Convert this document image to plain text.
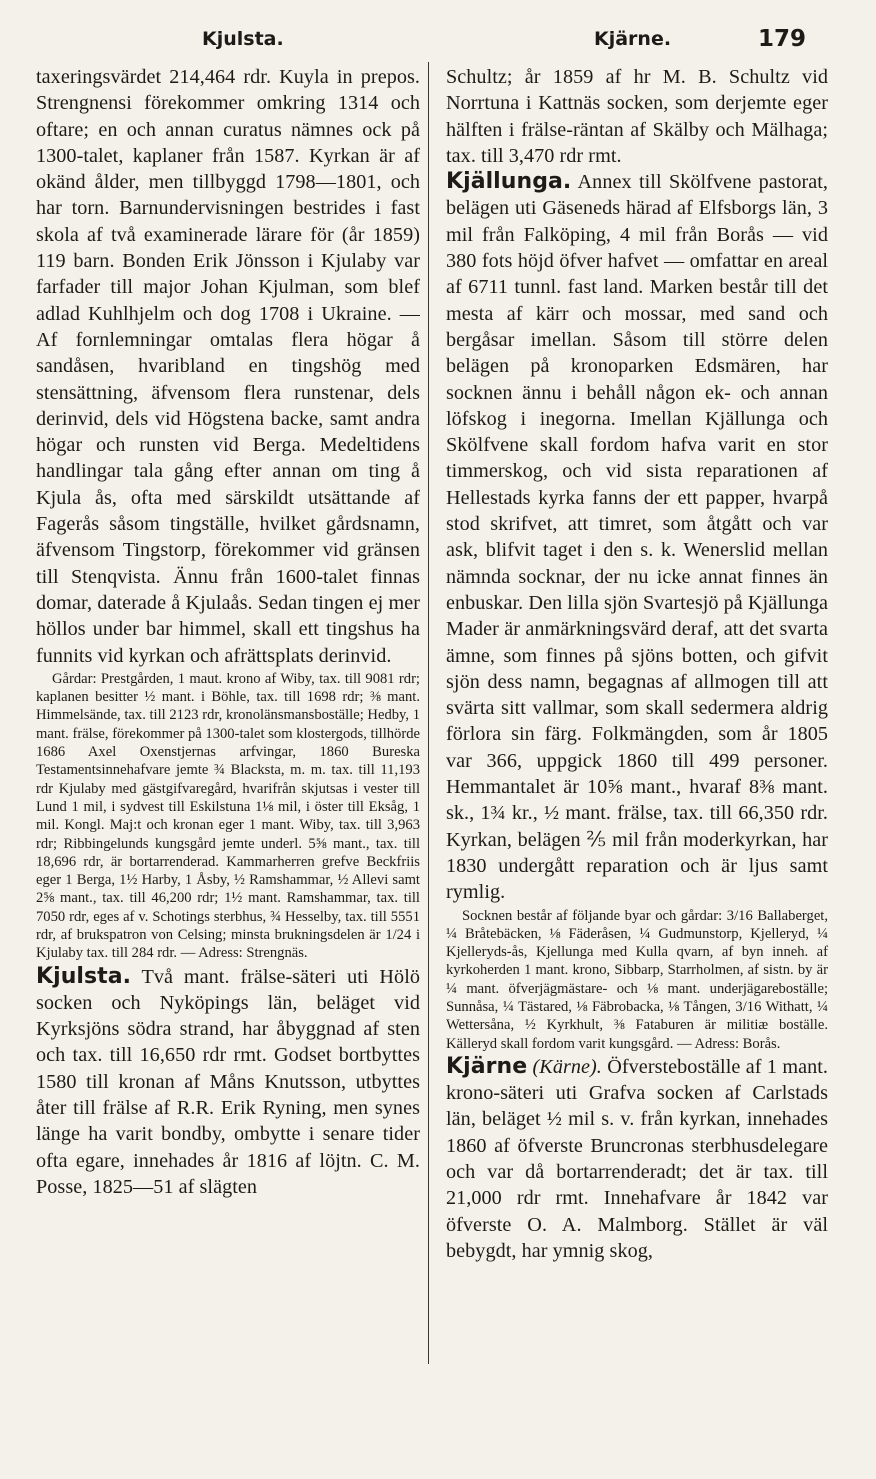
Kjulsta.	Kjärne.	179

taxeringsvärdet 214,464 rdr. Kuyla in prepos. Strengnensi förekommer omkring 1314 och oftare; en och annan curatus nämnes ock på 1300-talet, kaplaner från 1587. Kyrkan är af okänd ålder, men tillbyggd 1798—1801, och har torn. Barnundervisningen bestrides i fast skola af två examinerade lärare för (år 1859) 119 barn. Bonden Erik Jönsson i Kjulaby var farfader till major Johan Kjulman, som blef adlad Kuhlhjelm och dog 1708 i Ukraine. — Af fornlemningar omtalas flera högar å sandåsen, hvaribland en tingshög med stensättning, äfvensom flera runstenar, dels derinvid, dels vid Högstena backe, samt andra högar och runsten vid Berga. Medeltidens handlingar tala gång efter annan om ting å Kjula ås, ofta med särskildt utsättande af Fagerås såsom tingställe, hvilket gårdsnamn, äfvensom Tingstorp, förekommer vid gränsen till Stenqvista. Ännu från 1600-talet finnas domar, daterade å Kjulaås. Sedan tingen ej mer höllos under bar himmel, skall ett tingshus ha funnits vid kyrkan och afrättsplats derinvid.

Gårdar: Prestgården, 1 maut. krono af Wiby, tax. till 9081 rdr; kaplanen besitter ½ mant. i Böhle, tax. till 1698 rdr; ⅜ mant. Himmelsände, tax. till 2123 rdr, kronolänsmansboställe; Hedby, 1 mant. frälse, förekommer på 1300-talet som klostergods, tillhörde 1686 Axel Oxenstjernas arfvingar, 1860 Bureska Testamentsinnehafvare jemte ¾ Blacksta, m. m. tax. till 11,193 rdr Kjulaby med gästgifvaregård, hvarifrån skjutsas i vester till Lund 1 mil, i sydvest till Eskilstuna 1⅛ mil, i öster till Eksåg, 1 mil. Kongl. Maj:t och kronan eger 1 mant. Wiby, tax. till 3,963 rdr; Ribbingelunds kungsgård jemte underl. 5⅝ mant., tax. till 18,696 rdr, är bortarrenderad. Kammarherren grefve Beckfriis eger 1 Berga, 1½ Harby, 1 Åsby, ½ Ramshammar, ½ Allevi samt 2⅝ mant., tax. till 46,200 rdr; 1½ mant. Ramshammar, tax. till 7050 rdr, eges af v. Schotings sterbhus, ¾ Hesselby, tax. till 5551 rdr, af brukspatron von Celsing; minsta brukningsdelen är 1/24 i Kjulaby tax. till 284 rdr. — Adress: Strengnäs.

Kjulsta. Två mant. frälse-säteri uti Hölö socken och Nyköpings län, beläget vid Kyrksjöns södra strand, har åbyggnad af sten och tax. till 16,650 rdr rmt. Godset bortbyttes 1580 till kronan af Måns Knutsson, utbyttes åter till frälse af R.R. Erik Ryning, men synes länge ha varit bondby, ombytte i senare tider ofta egare, innehades år 1816 af löjtn. C. M. Posse, 1825—51 af slägten

Schultz; år 1859 af hr M. B. Schultz vid Norrtuna i Kattnäs socken, som derjemte eger hälften i frälse-räntan af Skälby och Mälhaga; tax. till 3,470 rdr rmt.

Kjällunga. Annex till Skölfvene pastorat, belägen uti Gäseneds härad af Elfsborgs län, 3 mil från Falköping, 4 mil från Borås — vid 380 fots höjd öfver hafvet — omfattar en areal af 6711 tunnl. fast land. Marken består till det mesta af kärr och mossar, med sand och bergåsar imellan. Såsom till större delen belägen på kronoparken Edsmären, har socknen ännu i behåll någon ek- och annan löfskog i inegorna. Imellan Kjällunga och Skölfvene skall fordom hafva varit en stor timmerskog, och vid sista reparationen af Hellestads kyrka fanns der ett papper, hvarpå stod skrifvet, att timret, som åtgått och var ask, blifvit taget i den s. k. Wenerslid mellan nämnda socknar, der nu icke annat finnes än enbuskar. Den lilla sjön Svartesjö på Kjällunga Mader är anmärkningsvärd deraf, att det svarta ämne, som finnes på sjöns botten, och gifvit sjön dess namn, begagnas af allmogen till att svärta sitt vallmar, som skall sedermera aldrig förlora sin färg. Folkmängden, som år 1805 var 366, uppgick 1860 till 499 personer. Hemmantalet är 10⅝ mant., hvaraf 8⅜ mant. sk., 1¾ kr., ½ mant. frälse, tax. till 66,350 rdr. Kyrkan, belägen ⅖ mil från moderkyrkan, har 1830 undergått reparation och är ljus samt rymlig.

Socknen består af följande byar och gårdar: 3/16 Ballaberget, ¼ Bråtebäcken, ⅛ Fäderåsen, ¼ Gudmunstorp, Kjelleryd, ¼ Kjelleryds-ås, Kjellunga med Kulla qvarn, af byn inneh. af kyrkoherden 1 mant. krono, Sibbarp, Starrholmen, af sistn. by är ¼ mant. öfverjägmästare- och ⅛ mant. underjägareboställe; Sunnåsa, ¼ Tästared, ⅛ Fäbrobacka, ⅛ Tången, 3/16 Withatt, ¼ Wettersåna, ½ Kyrkhult, ⅜ Fataburen är militiæ boställe. Källeryd skall fordom varit kungsgård. — Adress: Borås.

Kjärne (Kärne). Öfversteboställe af 1 mant. krono-säteri uti Grafva socken af Carlstads län, beläget ½ mil s. v. från kyrkan, innehades 1860 af öfverste Bruncronas sterbhusdelegare och var då bortarrenderadt; det är tax. till 21,000 rdr rmt. Innehafvare år 1842 var öfverste O. A. Malmborg. Stället är väl bebygdt, har ymnig skog,
